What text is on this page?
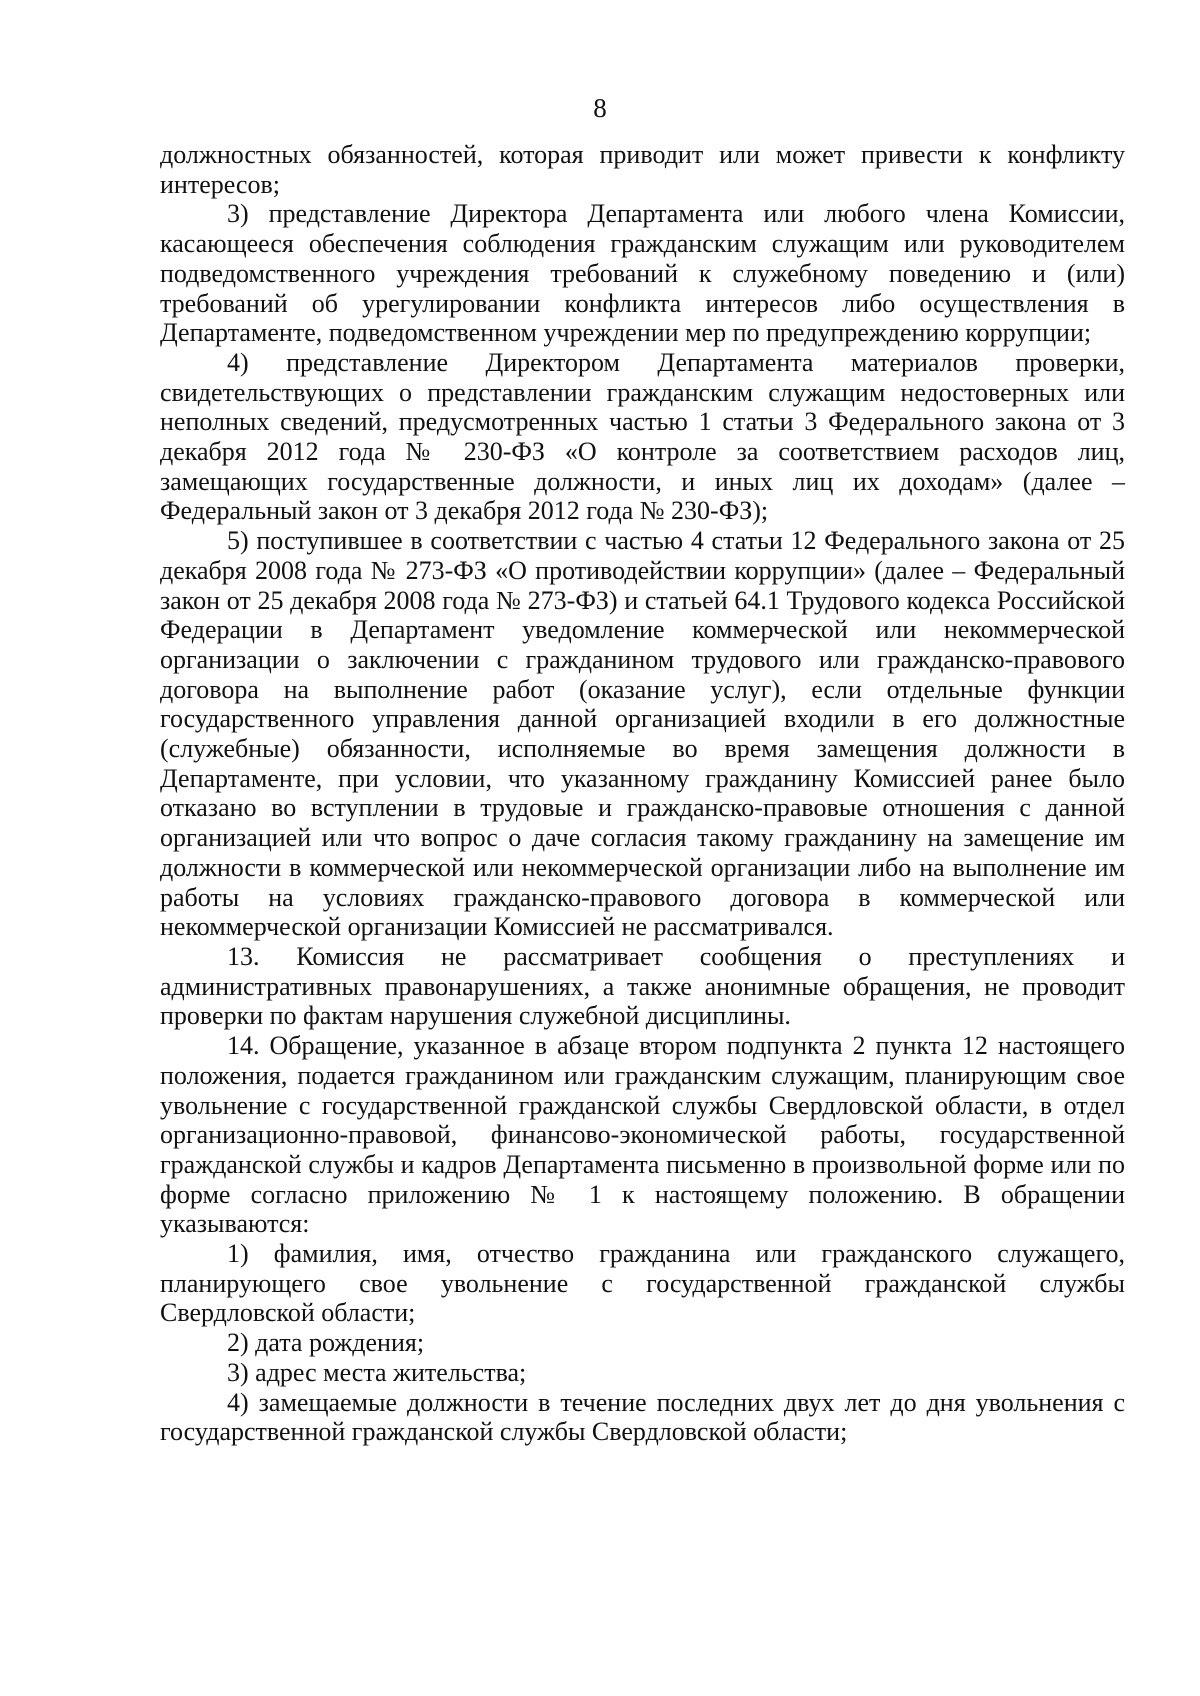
8

должностных обязанностей, которая приводит или может привести к конфликту интересов;

3) представление Директора Департамента или любого члена Комиссии, касающееся обеспечения соблюдения гражданским служащим или руководителем подведомственного учреждения требований к служебному поведению и (или) требований об урегулировании конфликта интересов либо осуществления в Департаменте, подведомственном учреждении мер по предупреждению коррупции;

4) представление Директором Департамента материалов проверки, свидетельствующих о представлении гражданским служащим недостоверных или неполных сведений, предусмотренных частью 1 статьи 3 Федерального закона от 3 декабря 2012 года № 230-ФЗ «О контроле за соответствием расходов лиц, замещающих государственные должности, и иных лиц их доходам» (далее – Федеральный закон от 3 декабря 2012 года № 230-ФЗ);

5) поступившее в соответствии с частью 4 статьи 12 Федерального закона от 25 декабря 2008 года № 273-ФЗ «О противодействии коррупции» (далее – Федеральный закон от 25 декабря 2008 года № 273-ФЗ) и статьей 64.1 Трудового кодекса Российской Федерации в Департамент уведомление коммерческой или некоммерческой организации о заключении с гражданином трудового или гражданско-правового договора на выполнение работ (оказание услуг), если отдельные функции государственного управления данной организацией входили в его должностные (служебные) обязанности, исполняемые во время замещения должности в Департаменте, при условии, что указанному гражданину Комиссией ранее было отказано во вступлении в трудовые и гражданско-правовые отношения с данной организацией или что вопрос о даче согласия такому гражданину на замещение им должности в коммерческой или некоммерческой организации либо на выполнение им работы на условиях гражданско-правового договора в коммерческой или некоммерческой организации Комиссией не рассматривался.

13. Комиссия не рассматривает сообщения о преступлениях и административных правонарушениях, а также анонимные обращения, не проводит проверки по фактам нарушения служебной дисциплины.

14. Обращение, указанное в абзаце втором подпункта 2 пункта 12 настоящего положения, подается гражданином или гражданским служащим, планирующим свое увольнение с государственной гражданской службы Свердловской области, в отдел организационно-правовой, финансово-экономической работы, государственной гражданской службы и кадров Департамента письменно в произвольной форме или по форме согласно приложению № 1 к настоящему положению. В обращении указываются:

1) фамилия, имя, отчество гражданина или гражданского служащего, планирующего свое увольнение с государственной гражданской службы Свердловской области;

2) дата рождения;

3) адрес места жительства;

4) замещаемые должности в течение последних двух лет до дня увольнения с государственной гражданской службы Свердловской области;
